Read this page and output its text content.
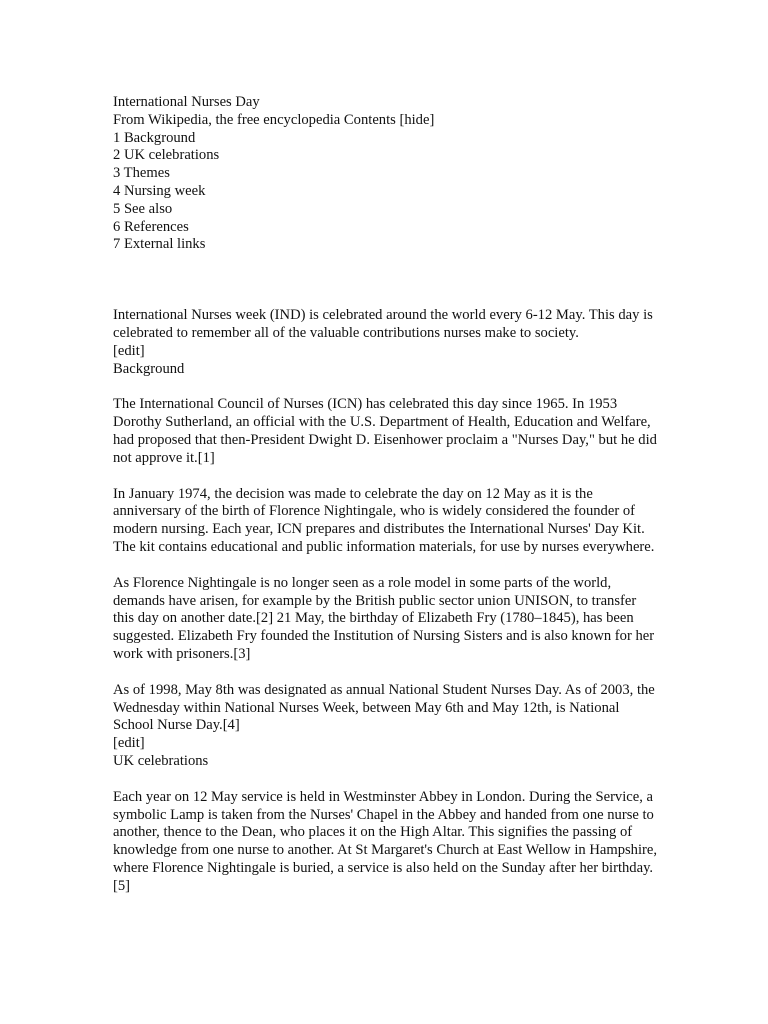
International Nurses Day
From Wikipedia, the free encyclopedia Contents [hide]
1 Background
2 UK celebrations
3 Themes
4 Nursing week
5 See also
6 References
7 External links

International Nurses week (IND) is celebrated around the world every 6-12 May. This day is celebrated to remember all of the valuable contributions nurses make to society.

[edit]
Background

The International Council of Nurses (ICN) has celebrated this day since 1965. In 1953 Dorothy Sutherland, an official with the U.S. Department of Health, Education and Welfare, had proposed that then-President Dwight D. Eisenhower proclaim a "Nurses Day," but he did not approve it.[1]

In January 1974, the decision was made to celebrate the day on 12 May as it is the anniversary of the birth of Florence Nightingale, who is widely considered the founder of modern nursing. Each year, ICN prepares and distributes the International Nurses' Day Kit. The kit contains educational and public information materials, for use by nurses everywhere.

As Florence Nightingale is no longer seen as a role model in some parts of the world, demands have arisen, for example by the British public sector union UNISON, to transfer this day on another date.[2] 21 May, the birthday of Elizabeth Fry (1780–1845), has been suggested. Elizabeth Fry founded the Institution of Nursing Sisters and is also known for her work with prisoners.[3]

As of 1998, May 8th was designated as annual National Student Nurses Day. As of 2003, the Wednesday within National Nurses Week, between May 6th and May 12th, is National School Nurse Day.[4]

[edit]
UK celebrations

Each year on 12 May service is held in Westminster Abbey in London. During the Service, a symbolic Lamp is taken from the Nurses' Chapel in the Abbey and handed from one nurse to another, thence to the Dean, who places it on the High Altar. This signifies the passing of knowledge from one nurse to another. At St Margaret's Church at East Wellow in Hampshire, where Florence Nightingale is buried, a service is also held on the Sunday after her birthday.[5]
